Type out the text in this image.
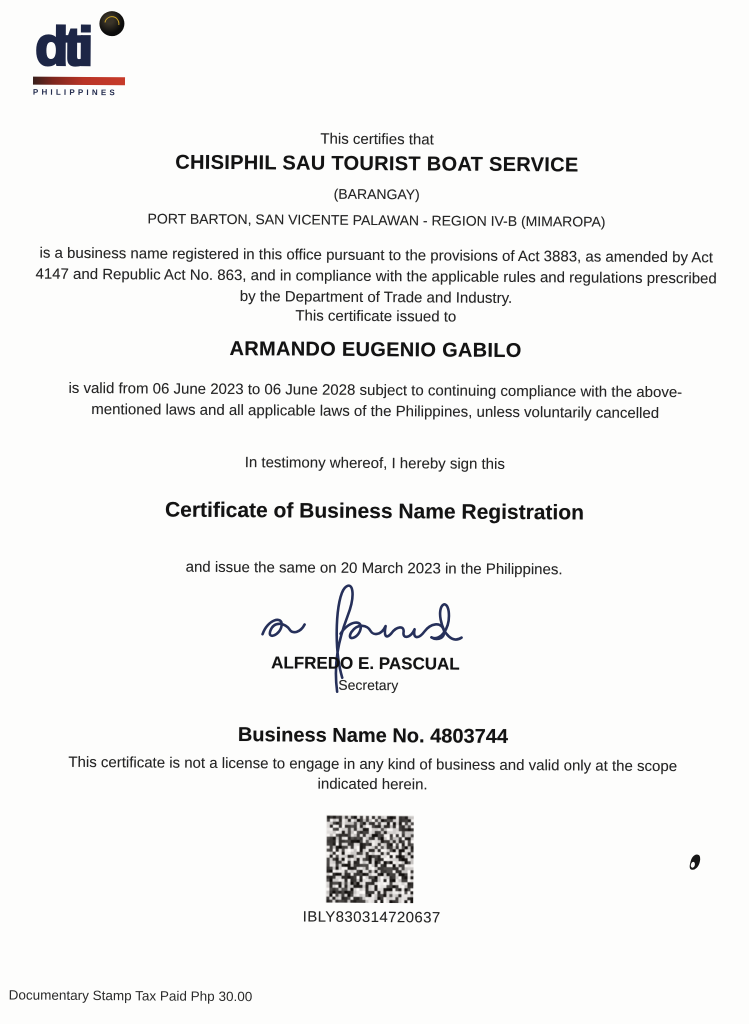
dti
PHILIPPINES
This certifies that
CHISIPHIL SAU TOURIST BOAT SERVICE
(BARANGAY)
PORT BARTON, SAN VICENTE PALAWAN - REGION IV-B (MIMAROPA)
is a business name registered in this office pursuant to the provisions of Act 3883, as amended by Act 4147 and Republic Act No. 863, and in compliance with the applicable rules and regulations prescribed by the Department of Trade and Industry.
This certificate issued to
ARMANDO EUGENIO GABILO
is valid from 06 June 2023 to 06 June 2028 subject to continuing compliance with the above-mentioned laws and all applicable laws of the Philippines, unless voluntarily cancelled
In testimony whereof, I hereby sign this
Certificate of Business Name Registration
and issue the same on 20 March 2023 in the Philippines.
ALFREDO E. PASCUAL
Secretary
Business Name No. 4803744
This certificate is not a license to engage in any kind of business and valid only at the scope indicated herein.
IBLY830314720637
Documentary Stamp Tax Paid Php 30.00
